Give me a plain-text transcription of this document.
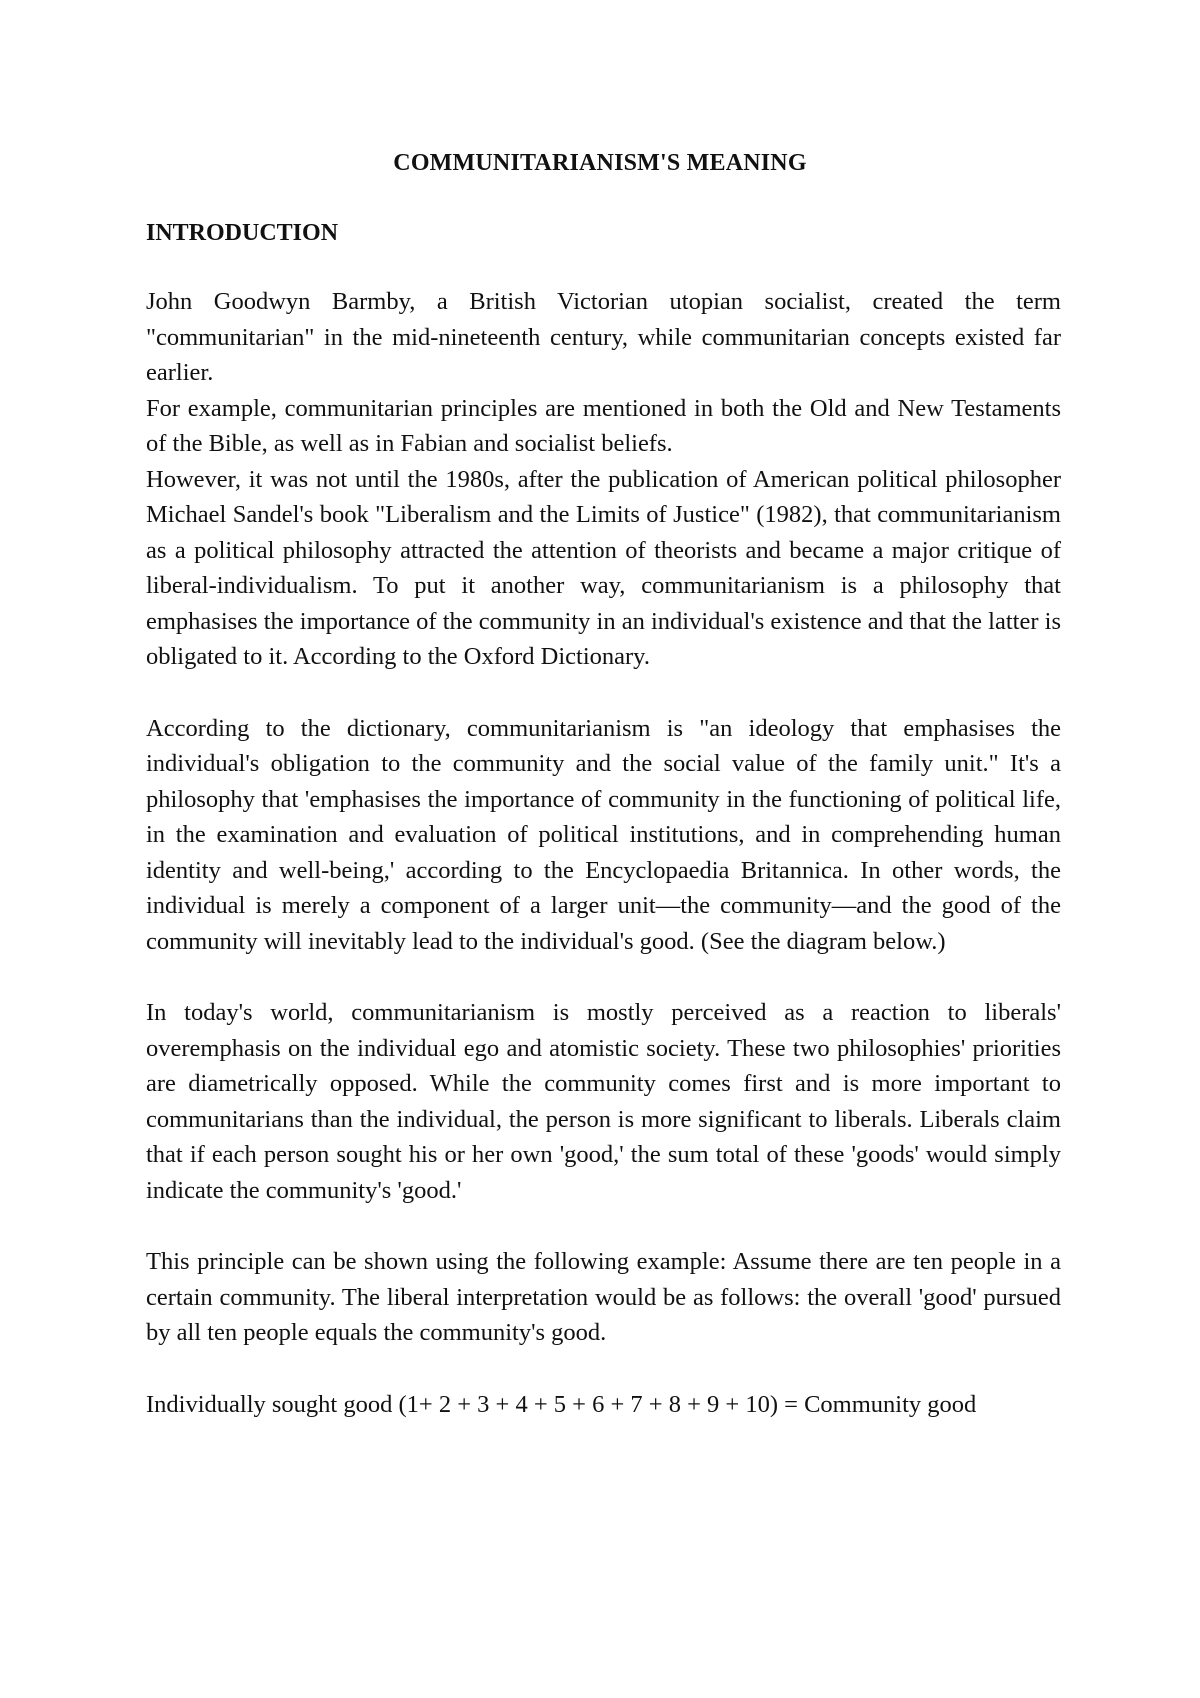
COMMUNITARIANISM'S MEANING
INTRODUCTION

John Goodwyn Barmby, a British Victorian utopian socialist, created the term "communitarian" in the mid-nineteenth century, while communitarian concepts existed far earlier.

For example, communitarian principles are mentioned in both the Old and New Testaments of the Bible, as well as in Fabian and socialist beliefs.

However, it was not until the 1980s, after the publication of American political philosopher Michael Sandel's book "Liberalism and the Limits of Justice" (1982), that communitarianism as a political philosophy attracted the attention of theorists and became a major critique of liberal-individualism. To put it another way, communitarianism is a philosophy that emphasises the importance of the community in an individual's existence and that the latter is obligated to it. According to the Oxford Dictionary.

According to the dictionary, communitarianism is "an ideology that emphasises the individual's obligation to the community and the social value of the family unit." It's a philosophy that 'emphasises the importance of community in the functioning of political life, in the examination and evaluation of political institutions, and in comprehending human identity and well-being,' according to the Encyclopaedia Britannica. In other words, the individual is merely a component of a larger unit—the community—and the good of the community will inevitably lead to the individual's good. (See the diagram below.)

In today's world, communitarianism is mostly perceived as a reaction to liberals' overemphasis on the individual ego and atomistic society. These two philosophies' priorities are diametrically opposed. While the community comes first and is more important to communitarians than the individual, the person is more significant to liberals. Liberals claim that if each person sought his or her own 'good,' the sum total of these 'goods' would simply indicate the community's 'good.'

This principle can be shown using the following example: Assume there are ten people in a certain community. The liberal interpretation would be as follows: the overall 'good' pursued by all ten people equals the community's good.

Individually sought good (1+ 2 + 3 + 4 + 5 + 6 + 7 + 8 + 9 + 10) = Community good
